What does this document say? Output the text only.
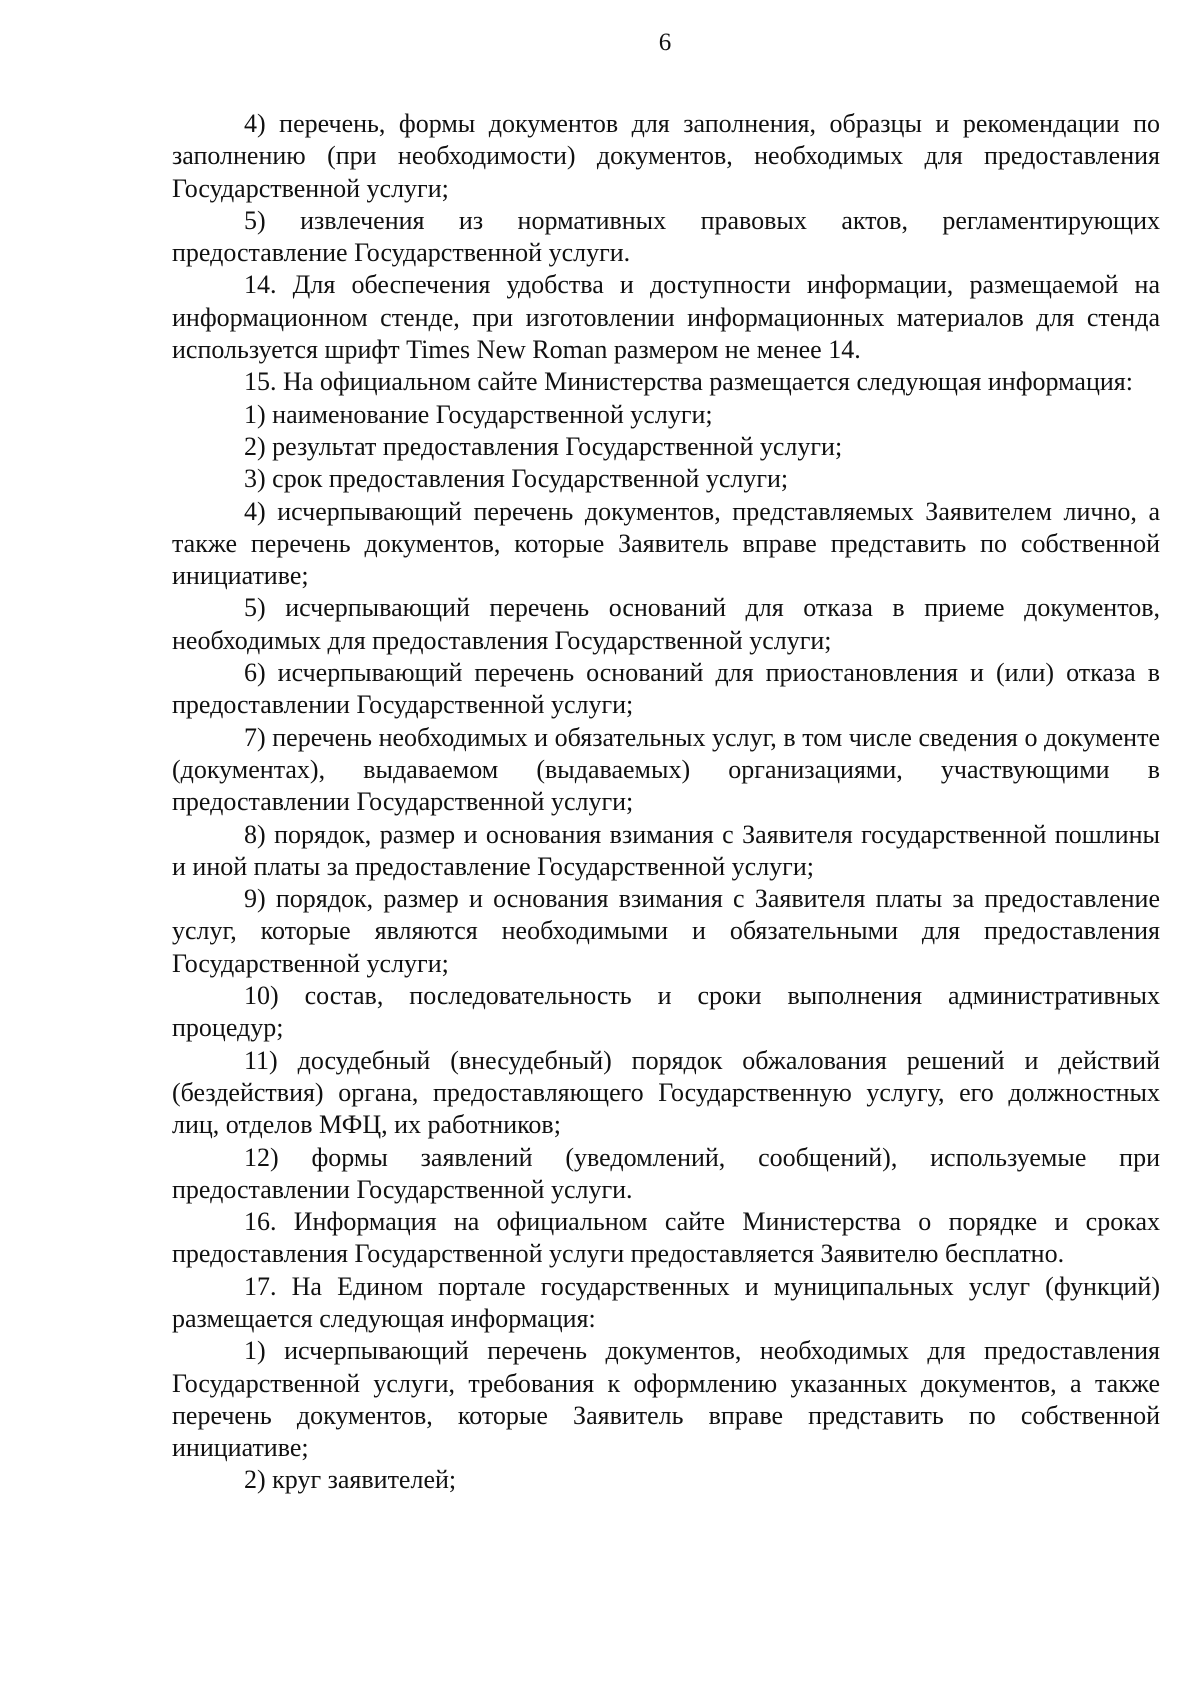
6

4) перечень, формы документов для заполнения, образцы и рекомендации по заполнению (при необходимости) документов, необходимых для предоставления Государственной услуги;

5) извлечения из нормативных правовых актов, регламентирующих предоставление Государственной услуги.

14. Для обеспечения удобства и доступности информации, размещаемой на информационном стенде, при изготовлении информационных материалов для стенда используется шрифт Times New Roman размером не менее 14.

15. На официальном сайте Министерства размещается следующая информация:

1) наименование Государственной услуги;

2) результат предоставления Государственной услуги;

3) срок предоставления Государственной услуги;

4) исчерпывающий перечень документов, представляемых Заявителем лично, а также перечень документов, которые Заявитель вправе представить по собственной инициативе;

5) исчерпывающий перечень оснований для отказа в приеме документов, необходимых для предоставления Государственной услуги;

6) исчерпывающий перечень оснований для приостановления и (или) отказа в предоставлении Государственной услуги;

7) перечень необходимых и обязательных услуг, в том числе сведения о документе (документах), выдаваемом (выдаваемых) организациями, участвующими в предоставлении Государственной услуги;

8) порядок, размер и основания взимания с Заявителя государственной пошлины и иной платы за предоставление Государственной услуги;

9) порядок, размер и основания взимания с Заявителя платы за предоставление услуг, которые являются необходимыми и обязательными для предоставления Государственной услуги;

10) состав, последовательность и сроки выполнения административных процедур;

11) досудебный (внесудебный) порядок обжалования решений и действий (бездействия) органа, предоставляющего Государственную услугу, его должностных лиц, отделов МФЦ, их работников;

12) формы заявлений (уведомлений, сообщений), используемые при предоставлении Государственной услуги.

16. Информация на официальном сайте Министерства о порядке и сроках предоставления Государственной услуги предоставляется Заявителю бесплатно.

17. На Едином портале государственных и муниципальных услуг (функций) размещается следующая информация:

1) исчерпывающий перечень документов, необходимых для предоставления Государственной услуги, требования к оформлению указанных документов, а также перечень документов, которые Заявитель вправе представить по собственной инициативе;

2) круг заявителей;
